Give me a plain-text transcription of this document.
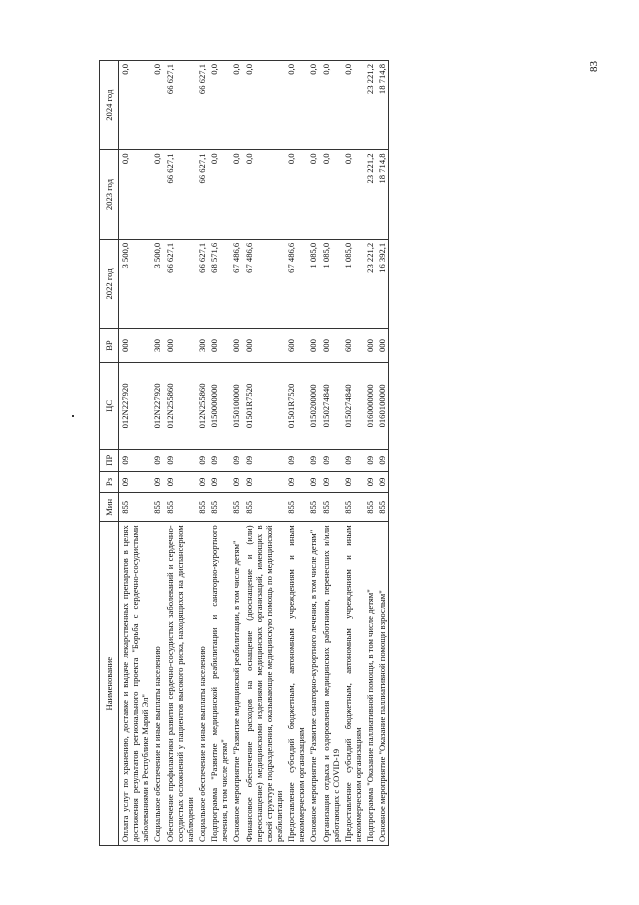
83
Наименование	Мин	Рз	ПР	ЦС	ВР	2022 год	2023 год	2024 год
Оплата услуг по хранению, доставке и выдаче лекарственных препаратов в целях достижения результатов регионального проекта "Борьба с сердечно-сосудистыми заболеваниями в Республике Марий Эл"	855	09	09	012N227920	000	3 500,0	0,0	0,0
Социальное обеспечение и иные выплаты населению	855	09	09	012N227920	300	3 500,0	0,0	0,0
Обеспечение профилактики развития сердечно-сосудистых заболеваний и сердечно-сосудистых осложнений у пациентов высокого риска, находящихся на диспансерном наблюдении	855	09	09	012N255860	000	66 627,1	66 627,1	66 627,1
Социальное обеспечение и иные выплаты населению	855	09	09	012N255860	300	66 627,1	66 627,1	66 627,1
Подпрограмма "Развитие медицинской реабилитации и санаторно-курортного лечения, в том числе детям"	855	09	09	0150000000	000	68 571,6	0,0	0,0
Основное мероприятие "Развитие медицинской реабилитации, в том числе детям"	855	09	09	0150100000	000	67 486,6	0,0	0,0
Финансовое обеспечение расходов на оснащение (дооснащение и (или) переоснащение) медицинскими изделиями медицинских организаций, имеющих в своей структуре подразделения, оказывающие медицинскую помощь по медицинской реабилитации	855	09	09	01501R7520	000	67 486,6	0,0	0,0
Предоставление субсидий бюджетным, автономным учреждениям и иным некоммерческим организациям	855	09	09	01501R7520	600	67 486,6	0,0	0,0
Основное мероприятие "Развитие санаторно-курортного лечения, в том числе детям"	855	09	09	0150200000	000	1 085,0	0,0	0,0
Организация отдыха и оздоровления медицинских работников, перенесших и/или работающих с COVID-19	855	09	09	0150274840	000	1 085,0	0,0	0,0
Предоставление субсидий бюджетным, автономным учреждениям и иным некоммерческим организациям	855	09	09	0150274840	600	1 085,0	0,0	0,0
Подпрограмма "Оказание паллиативной помощи, в том числе детям"	855	09	09	0160000000	000	23 221,2	23 221,2	23 221,2
Основное мероприятие "Оказание паллиативной помощи взрослым"	855	09	09	0160100000	000	16 392,1	18 714,8	18 714,8
